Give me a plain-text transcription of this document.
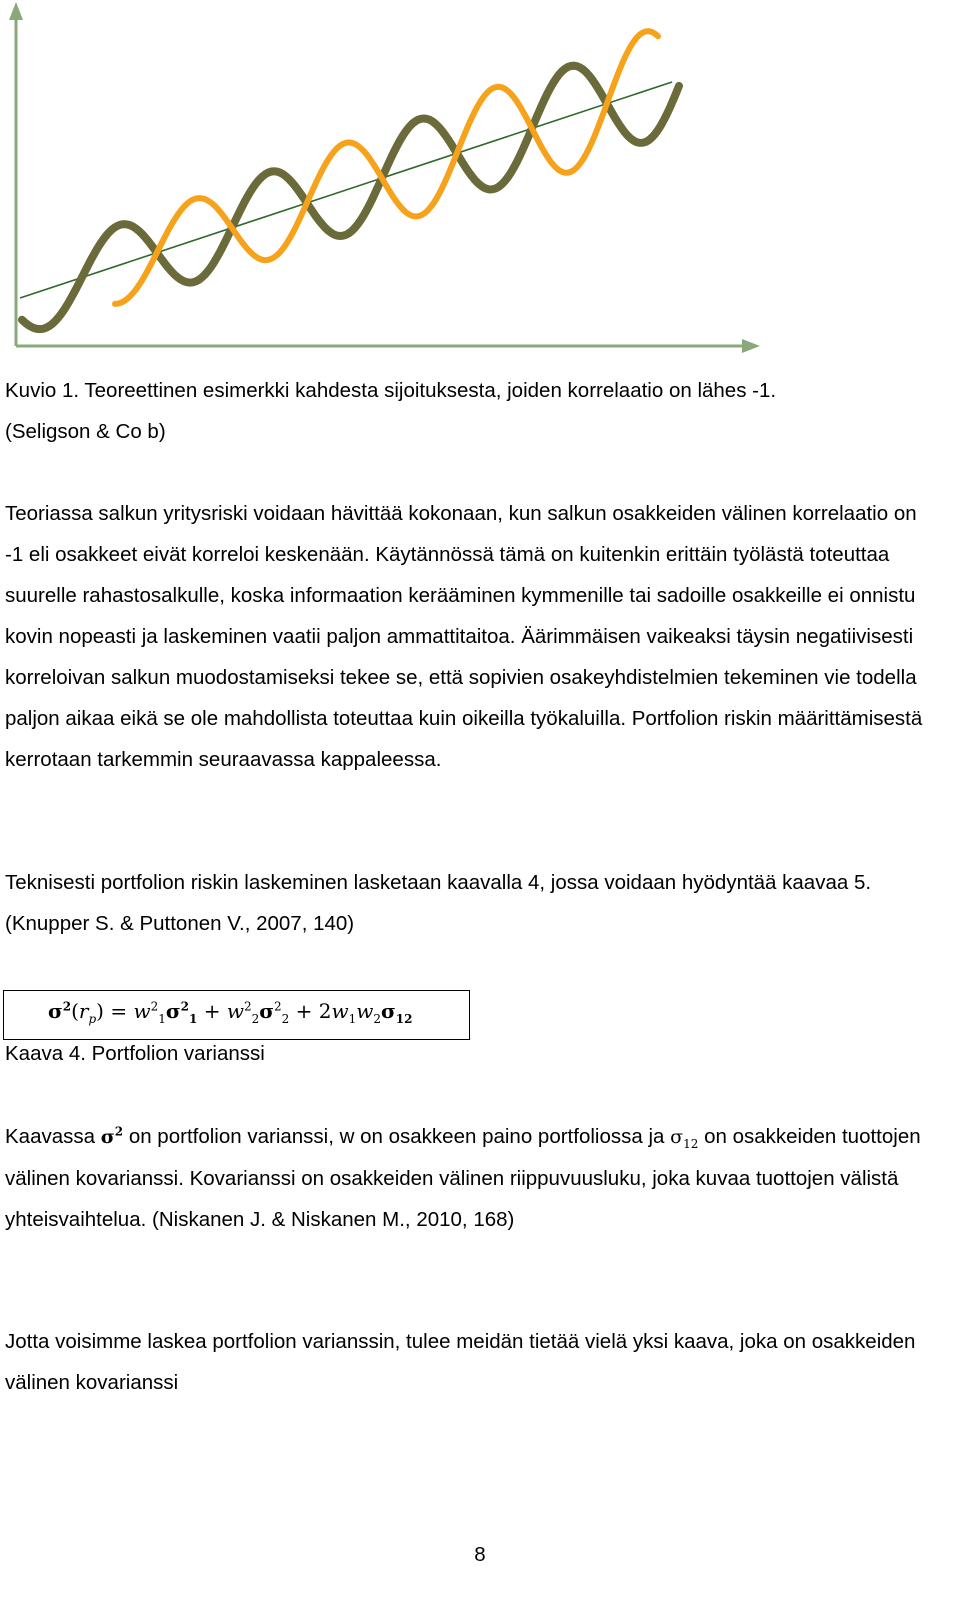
Kuvio 1. Teoreettinen esimerkki kahdesta sijoituksesta, joiden korrelaatio on lähes -1.
(Seligson & Co b)

Teoriassa salkun yritysriski voidaan hävittää kokonaan, kun salkun osakkeiden välinen korrelaatio on -1 eli osakkeet eivät korreloi keskenään. Käytännössä tämä on kuitenkin erittäin työlästä toteuttaa suurelle rahastosalkulle, koska informaation kerääminen kymmenille tai sadoille osakkeille ei onnistu kovin nopeasti ja laskeminen vaatii paljon ammattitaitoa. Äärimmäisen vaikeaksi täysin negatiivisesti korreloivan salkun muodostamiseksi tekee se, että sopivien osakeyhdistelmien tekeminen vie todella paljon aikaa eikä se ole mahdollista toteuttaa kuin oikeilla työkaluilla. Portfolion riskin määrittämisestä kerrotaan tarkemmin seuraavassa kappaleessa.

Teknisesti portfolion riskin laskeminen lasketaan kaavalla 4, jossa voidaan hyödyntää kaavaa 5. (Knupper S. & Puttonen V., 2007, 140)

$\sigma^2(r_p) = w^2_1\sigma^2_1 + w^2_2\sigma^2_2 + 2w_1w_2\sigma_{12}$

Kaava 4. Portfolion varianssi

Kaavassa $\sigma^2$ on portfolion varianssi, w on osakkeen paino portfoliossa ja $\sigma_{12}$ on osakkeiden tuottojen välinen kovarianssi. Kovarianssi on osakkeiden välinen riippuvuusluku, joka kuvaa tuottojen välistä yhteisvaihtelua. (Niskanen J. & Niskanen M., 2010, 168)

Jotta voisimme laskea portfolion varianssin, tulee meidän tietää vielä yksi kaava, joka on osakkeiden välinen kovarianssi

8
